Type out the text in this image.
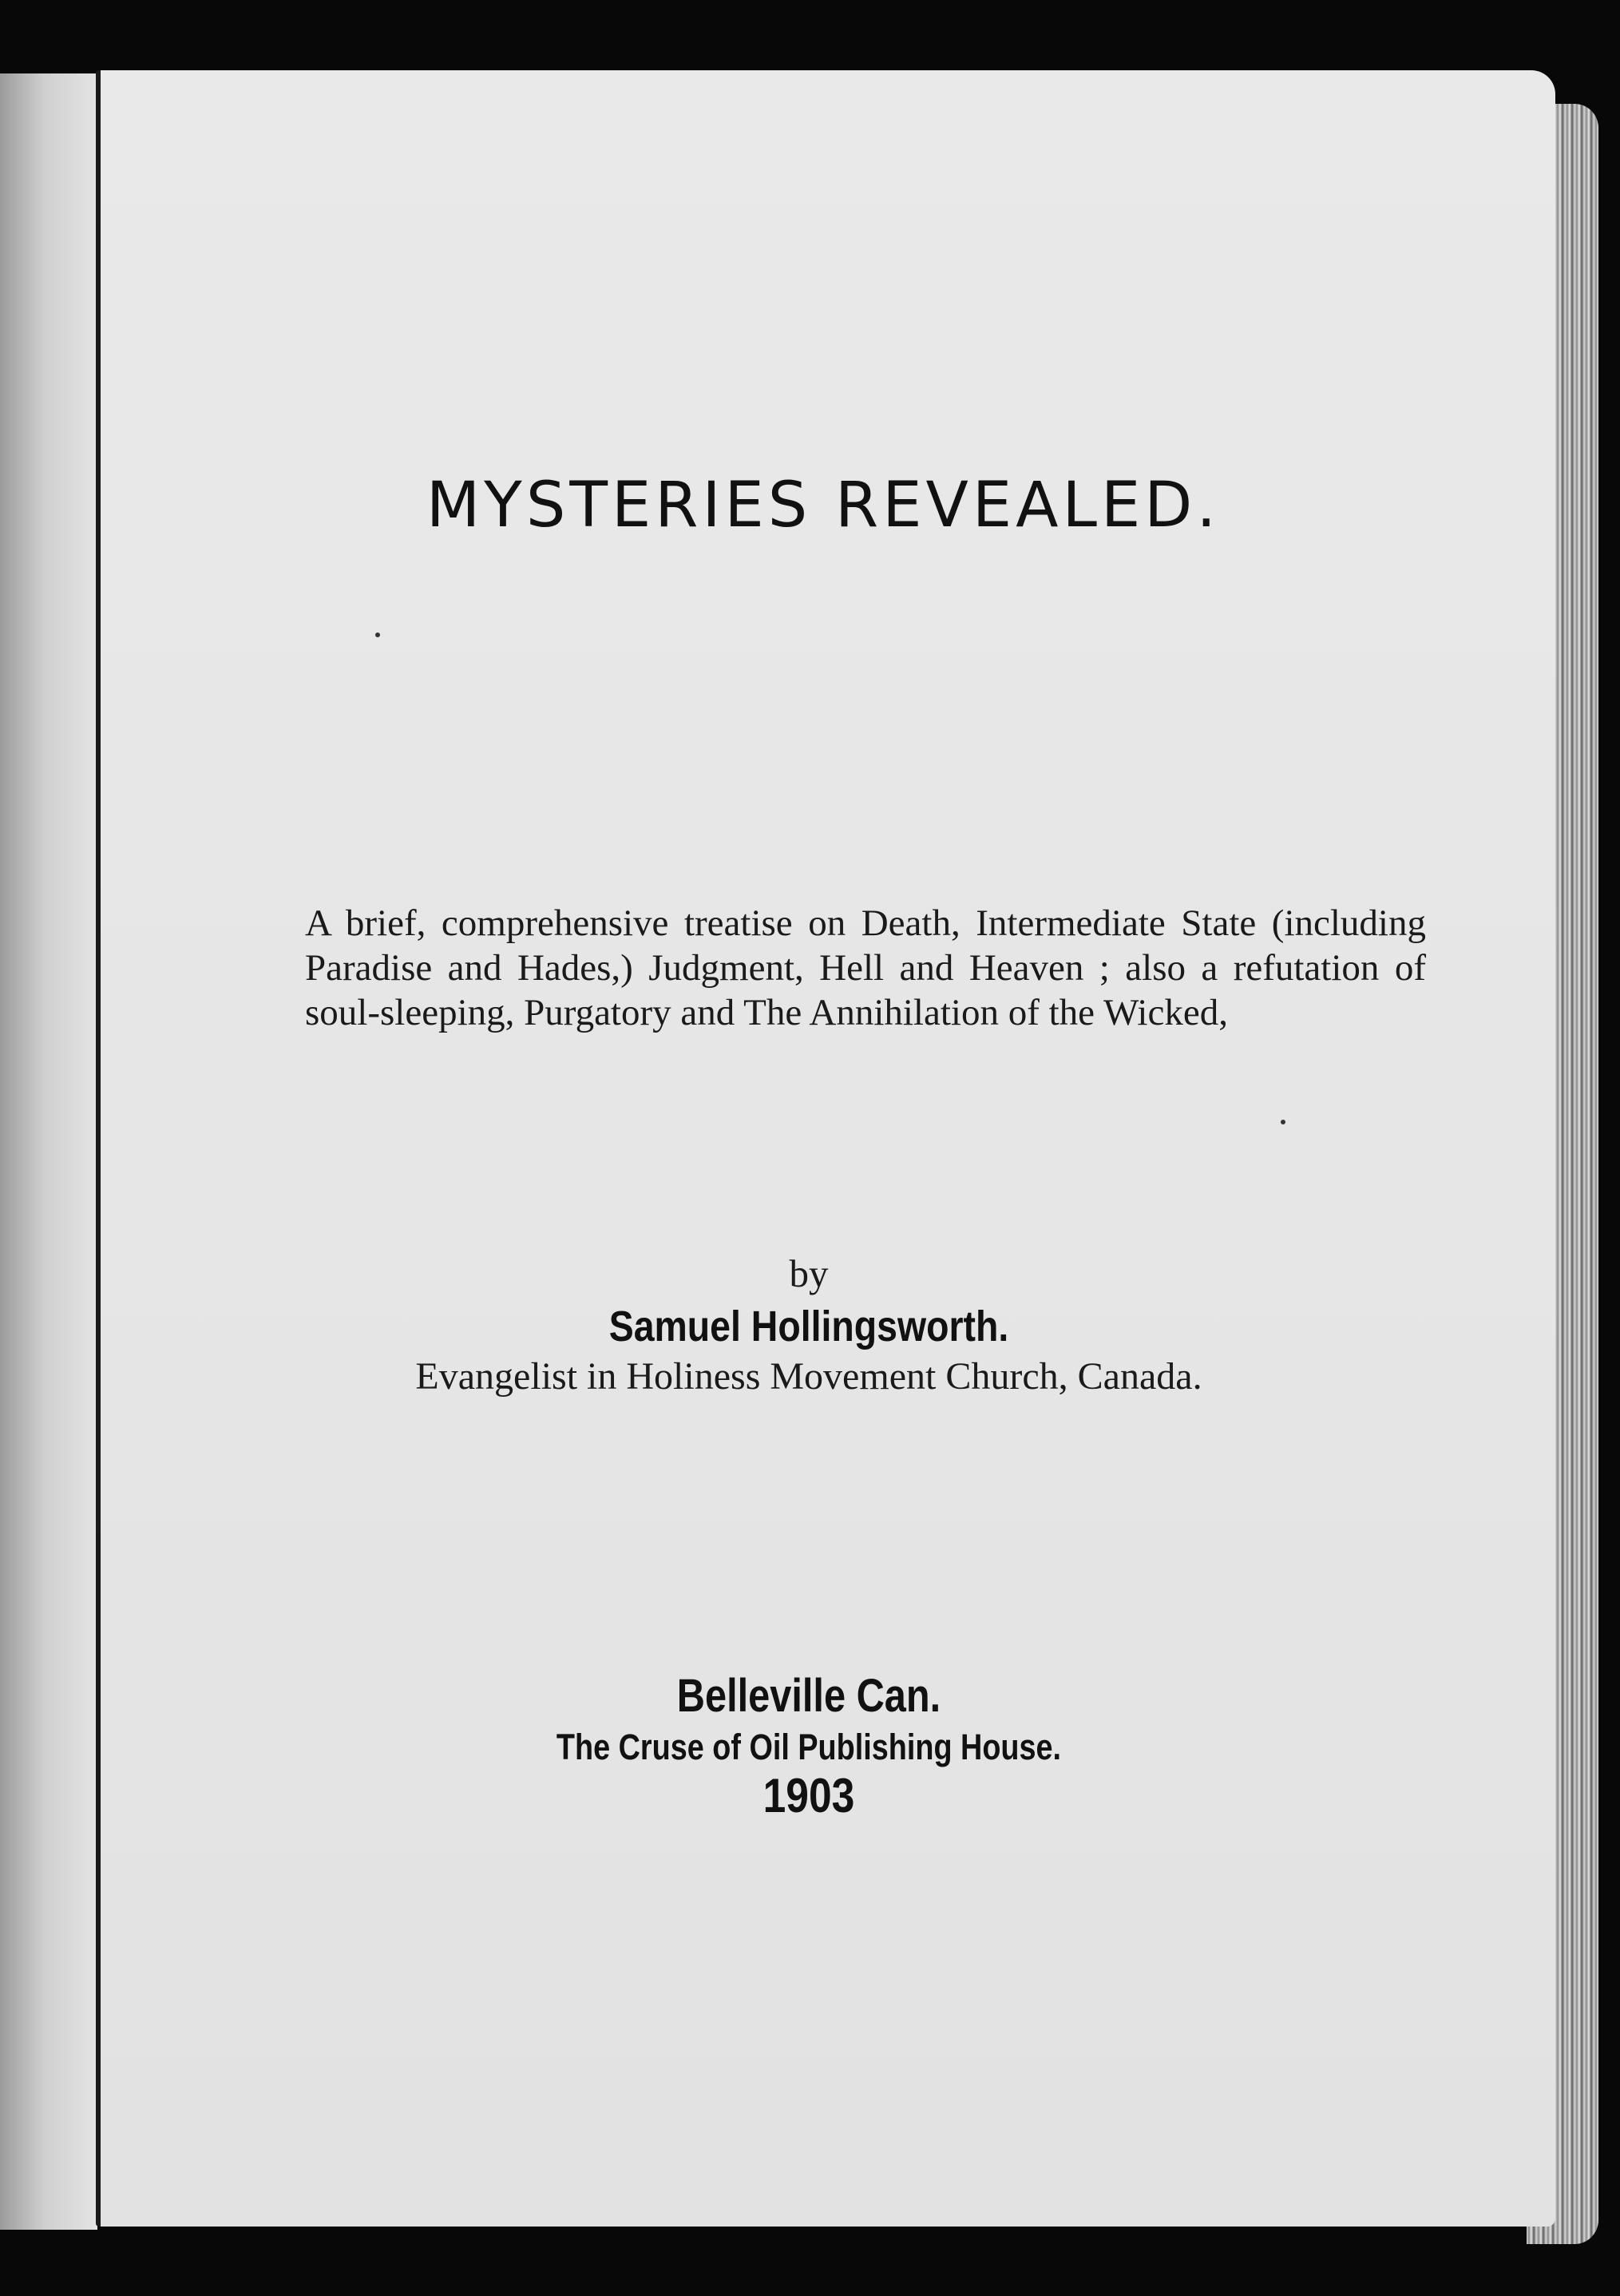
MYSTERIES REVEALED.
A brief, comprehensive treatise on Death, Intermediate State (including Paradise and Hades,) Judgment, Hell and Heaven ; also a refutation of soul-sleeping, Purgatory and The Annihilation of the Wicked,
by
Samuel Hollingsworth.
Evangelist in Holiness Movement Church, Canada.
Belleville Can.
The Cruse of Oil Publishing House.
1903
